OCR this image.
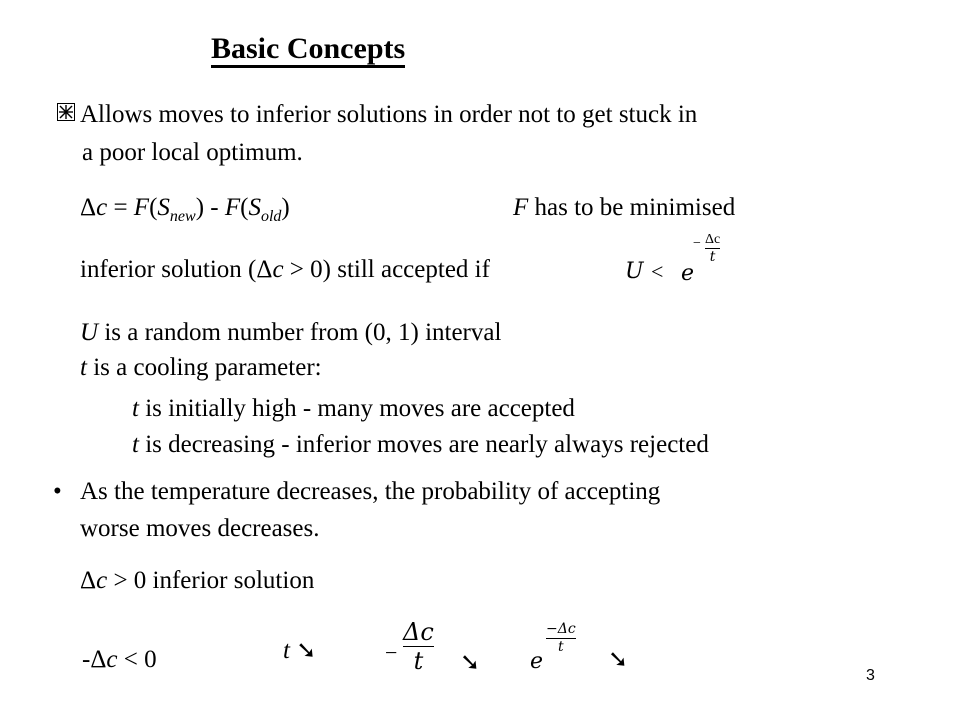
Basic Concepts
Allows moves to inferior solutions in order not to get stuck in
a poor local optimum.
$\Delta c = F(S_{new}) - F(S_{old})$	F has to be minimised
inferior solution (Δc > 0) still accepted if	U < e
− Δc
t
U is a random number from (0, 1) interval
t is a cooling parameter:
t is initially high - many moves are accepted
t is decreasing - inferior moves are nearly always rejected
• As the temperature decreases, the probability of accepting
worse moves decreases.
Δc > 0 inferior solution
-Δc < 0	t ➘	−
Δc
t ➘ e
−Δc
t ➘
3
